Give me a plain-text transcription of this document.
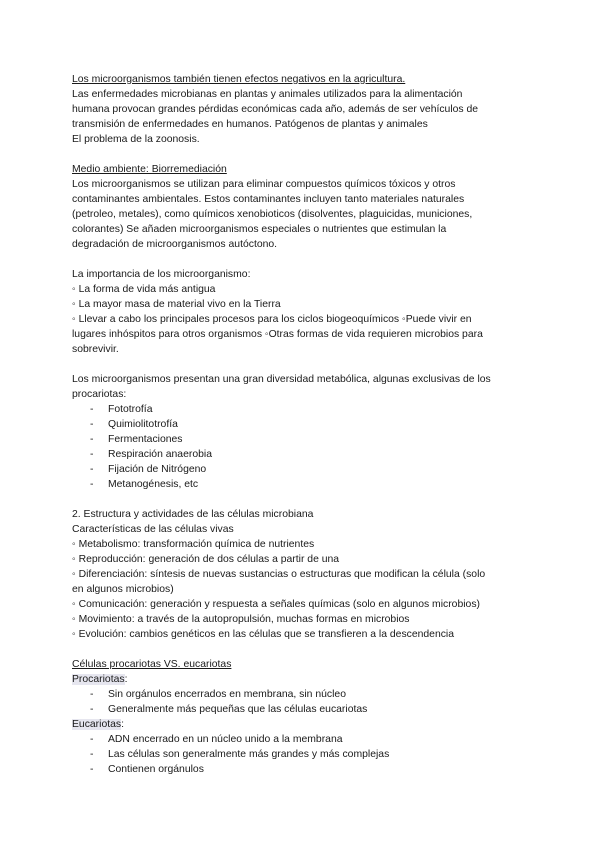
Los microorganismos también tienen efectos negativos en la agricultura.

Las enfermedades microbianas en plantas y animales utilizados para la alimentación

humana provocan grandes pérdidas económicas cada año, además de ser vehículos de

transmisión de enfermedades en humanos. Patógenos de plantas y animales

El problema de la zoonosis.

Medio ambiente: Biorremediación

Los microorganismos se utilizan para eliminar compuestos químicos tóxicos y otros

contaminantes ambientales. Estos contaminantes incluyen tanto materiales naturales

(petroleo, metales), como químicos xenobioticos (disolventes, plaguicidas, municiones,

colorantes) Se añaden microorganismos especiales o nutrientes que estimulan la

degradación de microorganismos autóctono.

La importancia de los microorganismo:

◦ La forma de vida más antigua

◦ La mayor masa de material vivo en la Tierra

◦ Llevar a cabo los principales procesos para los ciclos biogeoquímicos ◦Puede vivir en

lugares inhóspitos para otros organismos ◦Otras formas de vida requieren microbios para

sobrevivir.

Los microorganismos presentan una gran diversidad metabólica, algunas exclusivas de los

procariotas:

- Fototrofía
- Quimiolitotrofía
- Fermentaciones
- Respiración anaerobia
- Fijación de Nitrógeno
- Metanogénesis, etc

2. Estructura y actividades de las células microbiana

Características de las células vivas

◦ Metabolismo: transformación química de nutrientes

◦ Reproducción: generación de dos células a partir de una

◦ Diferenciación: síntesis de nuevas sustancias o estructuras que modifican la célula (solo

en algunos microbios)

◦ Comunicación: generación y respuesta a señales químicas (solo en algunos microbios)

◦ Movimiento: a través de la autopropulsión, muchas formas en microbios

◦ Evolución: cambios genéticos en las células que se transfieren a la descendencia

Células procariotas VS. eucariotas

Procariotas:

- Sin orgánulos encerrados en membrana, sin núcleo
- Generalmente más pequeñas que las células eucariotas

Eucariotas:

- ADN encerrado en un núcleo unido a la membrana
- Las células son generalmente más grandes y más complejas
- Contienen orgánulos
